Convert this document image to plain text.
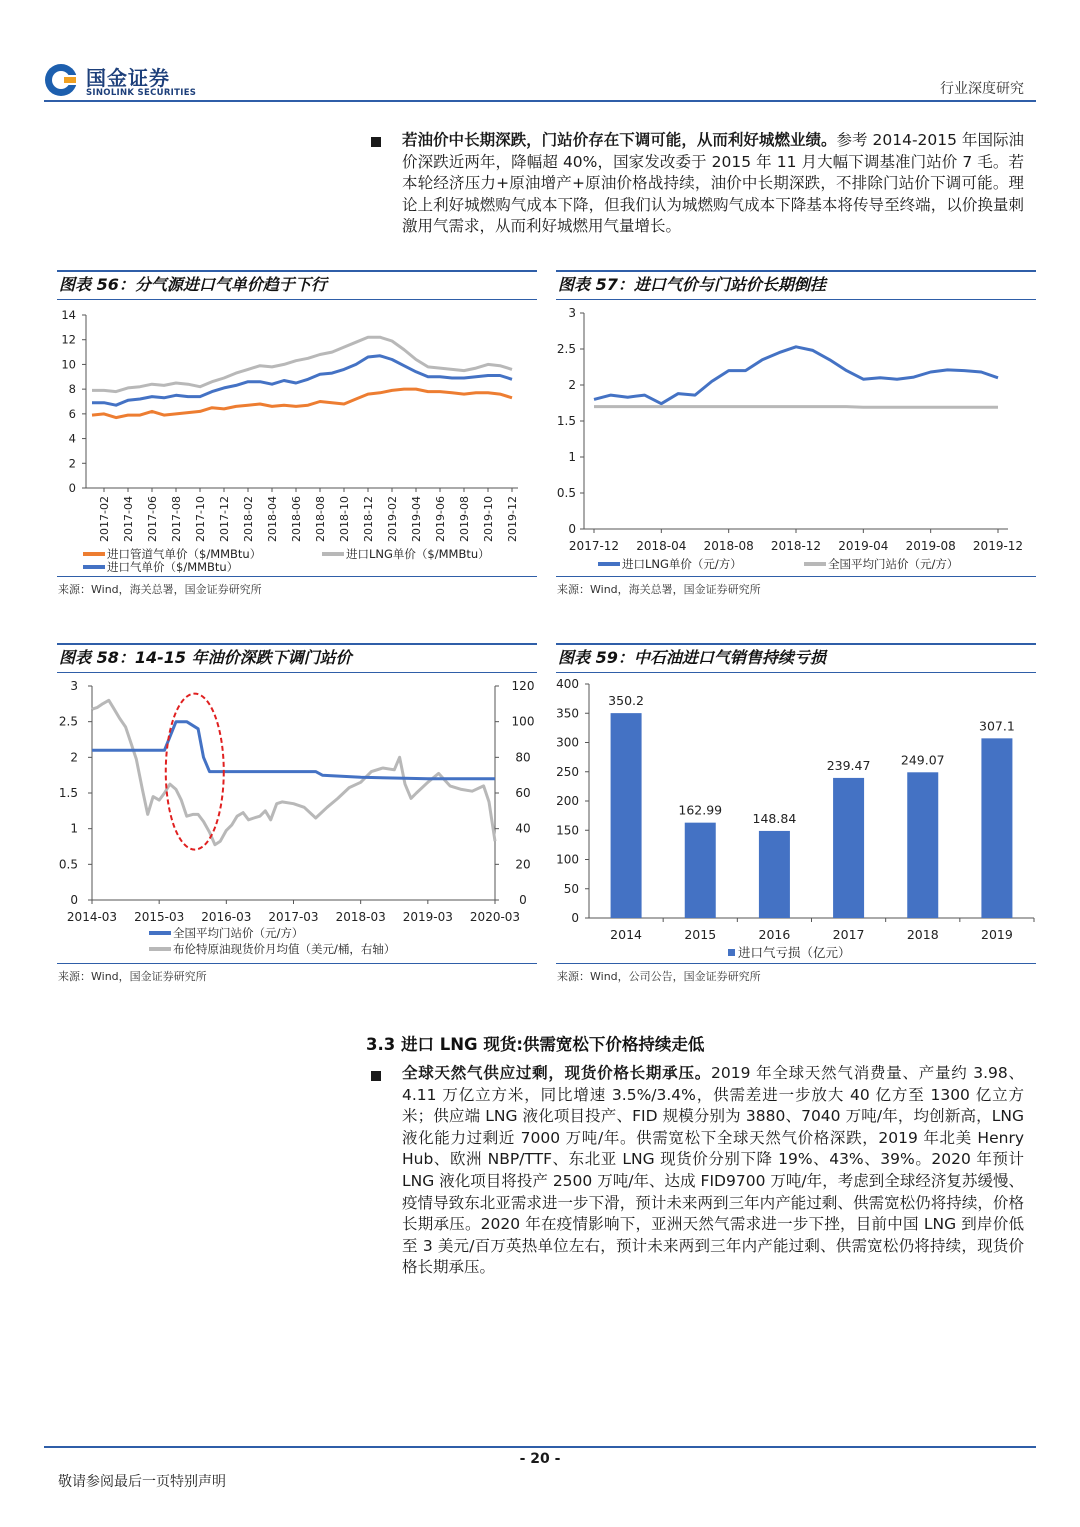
国金证券
SINOLINK SECURITIES	行业深度研究
若油价中长期深跌，门站价存在下调可能，从而利好城燃业绩。参考 2014-2015 年国际油价深跌近两年，降幅超 40%，国家发改委于 2015 年 11 月大幅下调基准门站价 7 毛。若本轮经济压力+原油增产+原油价格战持续，油价中长期深跌，不排除门站价下调可能。理论上利好城燃购气成本下降，但我们认为城燃购气成本下降基本将传导至终端，以价换量刺激用气需求，从而利好城燃用气量增长。
图表 56：分气源进口气单价趋于下行
0
2
4
6
8
10
12
14
2017-02 2017-04 2017-06 2017-08 2017-10 2017-12 2018-02 2018-04 2018-06 2018-08 2018-10 2018-12 2019-02 2019-04 2019-06 2019-08 2019-10 2019-12
进口管道气单价（$/MMBtu）	进口LNG单价（$/MMBtu）
进口气单价（$/MMBtu）
来源：Wind，海关总署，国金证券研究所
图表 57：进口气价与门站价长期倒挂
0
0.5
1
1.5
2
2.5
3
2017-12 2018-04 2018-08 2018-12 2019-04 2019-08 2019-12
进口LNG单价（元/方）	全国平均门站价（元/方）
来源：Wind，海关总署，国金证券研究所
图表 58：14-15 年油价深跌下调门站价
0
0.5
1
1.5
2
2.5
3
0
20
40
60
80
100
120
2014-03 2015-03 2016-03 2017-03 2018-03 2019-03 2020-03
全国平均门站价（元/方）
布伦特原油现货价月均值（美元/桶，右轴）
来源：Wind，国金证券研究所
图表 59：中石油进口气销售持续亏损
0
50
100
150
200
250
300
350
400
350.2
2014
162.99
2015
148.84
2016
239.47
2017
249.07
2018
307.1
2019
进口气亏损（亿元）
来源：Wind，公司公告，国金证券研究所
3.3 进口 LNG 现货:供需宽松下价格持续走低
全球天然气供应过剩，现货价格长期承压。2019 年全球天然气消费量、产量约 3.98、4.11 万亿立方米，同比增速 3.5%/3.4%，供需差进一步放大 40 亿方至 1300 亿立方米；供应端 LNG 液化项目投产、FID 规模分别为 3880、7040 万吨/年，均创新高，LNG 液化能力过剩近 7000 万吨/年。供需宽松下全球天然气价格深跌，2019 年北美 Henry Hub、欧洲 NBP/TTF、东北亚 LNG 现货价分别下降 19%、43%、39%。2020 年预计 LNG 液化项目将投产 2500 万吨/年、达成 FID9700 万吨/年，考虑到全球经济复苏缓慢、疫情导致东北亚需求进一步下滑，预计未来两到三年内产能过剩、供需宽松仍将持续，价格长期承压。2020 年在疫情影响下，亚洲天然气需求进一步下挫，目前中国 LNG 到岸价低至 3 美元/百万英热单位左右，预计未来两到三年内产能过剩、供需宽松仍将持续，现货价格长期承压。
- 20 -
敬请参阅最后一页特别声明
